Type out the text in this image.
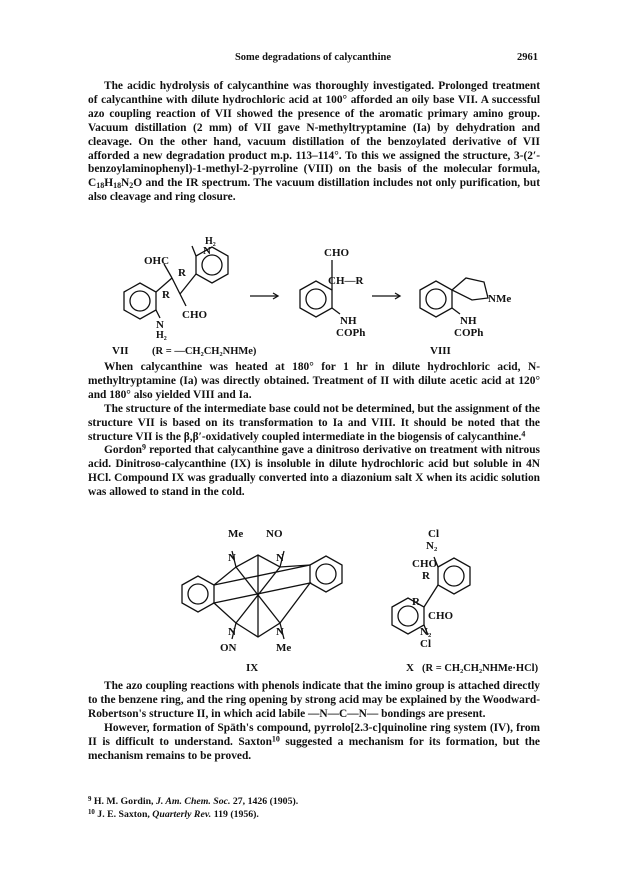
Some degradations of calycanthine	2961

The acidic hydrolysis of calycanthine was thoroughly investigated. Prolonged treatment of calycanthine with dilute hydrochloric acid at 100° afforded an oily base VII. A successful azo coupling reaction of VII showed the presence of the aromatic primary amino group. Vacuum distillation (2 mm) of VII gave N-methyltryptamine (Ia) by dehydration and cleavage. On the other hand, vacuum distillation of the benzoylated derivative of VII afforded a new degradation product m.p. 113–114°. To this we assigned the structure, 3-(2′-benzoylaminophenyl)-1-methyl-2-pyrroline (VIII) on the basis of the molecular formula, $C_{18}H_{18}N_2O$ and the IR spectrum. The vacuum distillation includes not only purification, but also cleavage and ring closure.

H₂
N
OHC
R
R
CHO
N
H₂
CHO
CH—R
NH
COPh
NMe
NH
COPh
VII (R = —CH₂CH₂NHMe)	VIII

When calycanthine was heated at 180° for 1 hr in dilute hydrochloric acid, N-methyltryptamine (Ia) was directly obtained. Treatment of II with dilute acetic acid at 120° and 180° also yielded VIII and Ia.

The structure of the intermediate base could not be determined, but the assignment of the structure VII is based on its transformation to Ia and VIII. It should be noted that the structure VII is the β,β′-oxidatively coupled intermediate in the biogensis of calycanthine.$^4$

Gordon$^9$ reported that calycanthine gave a dinitroso derivative on treatment with nitrous acid. Dinitroso-calycanthine (IX) is insoluble in dilute hydrochloric acid but soluble in 4N HCl. Compound IX was gradually converted into a diazonium salt X when its acidic solution was allowed to stand in the cold.

Me NO
N	N
N	N
ON	Me
IX
Cl
N₂
CHO
R
R
CHO
N₂
Cl
X (R = CH₂CH₂NHMe·HCl)

The azo coupling reactions with phenols indicate that the imino group is attached directly to the benzene ring, and the ring opening by strong acid may be explained by the Woodward-Robertson's structure II, in which acid labile —N—C—N— bondings are present.

However, formation of Späth's compound, pyrrolo[2.3-c]quinoline ring system (IV), from II is difficult to understand. Saxton$^{10}$ suggested a mechanism for its formation, but the mechanism remains to be proved.

$^9$ H. M. Gordin, J. Am. Chem. Soc. 27, 1426 (1905).

$^{10}$ J. E. Saxton, Quarterly Rev. 119 (1956).
